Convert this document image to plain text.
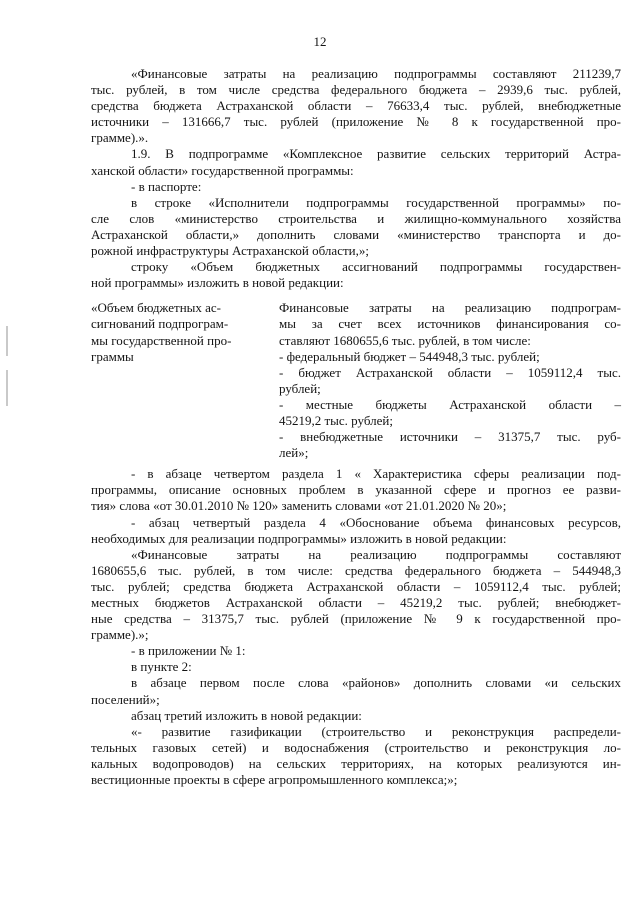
12
«Финансовые затраты на реализацию подпрограммы составляют 211239,7
тыс. рублей, в том числе средства федерального бюджета – 2939,6 тыс. рублей,
средства бюджета Астраханской области – 76633,4 тыс. рублей, внебюджетные
источники – 131666,7 тыс. рублей (приложение № 8 к государственной про-
грамме).».
1.9. В подпрограмме «Комплексное развитие сельских территорий Астра-
ханской области» государственной программы:
- в паспорте:
в строке «Исполнители подпрограммы государственной программы» по-
сле слов «министерство строительства и жилищно-коммунального хозяйства
Астраханской области,» дополнить словами «министерство транспорта и до-
рожной инфраструктуры Астраханской области,»;
строку «Объем бюджетных ассигнований подпрограммы государствен-
ной программы» изложить в новой редакции:
«Объем бюджетных ас-
сигнований подпрограм-
мы государственной про-
граммы
Финансовые затраты на реализацию подпрограм-
мы за счет всех источников финансирования со-
ставляют 1680655,6 тыс. рублей, в том числе:
- федеральный бюджет – 544948,3 тыс. рублей;
- бюджет Астраханской области – 1059112,4 тыс.
рублей;
- местные бюджеты Астраханской области –
45219,2 тыс. рублей;
- внебюджетные источники – 31375,7 тыс. руб-
лей»;
- в абзаце четвертом раздела 1 « Характеристика сферы реализации под-
программы, описание основных проблем в указанной сфере и прогноз ее разви-
тия» слова «от 30.01.2010 № 120» заменить словами «от 21.01.2020 № 20»;
- абзац четвертый раздела 4 «Обоснование объема финансовых ресурсов,
необходимых для реализации подпрограммы» изложить в новой редакции:
«Финансовые затраты на реализацию подпрограммы составляют
1680655,6 тыс. рублей, в том числе: средства федерального бюджета – 544948,3
тыс. рублей; средства бюджета Астраханской области – 1059112,4 тыс. рублей;
местных бюджетов Астраханской области – 45219,2 тыс. рублей; внебюджет-
ные средства – 31375,7 тыс. рублей (приложение № 9 к государственной про-
грамме).»;
- в приложении № 1:
в пункте 2:
в абзаце первом после слова «районов» дополнить словами «и сельских
поселений»;
абзац третий изложить в новой редакции:
«- развитие газификации (строительство и реконструкция распредели-
тельных газовых сетей) и водоснабжения (строительство и реконструкция ло-
кальных водопроводов) на сельских территориях, на которых реализуются ин-
вестиционные проекты в сфере агропромышленного комплекса;»;
